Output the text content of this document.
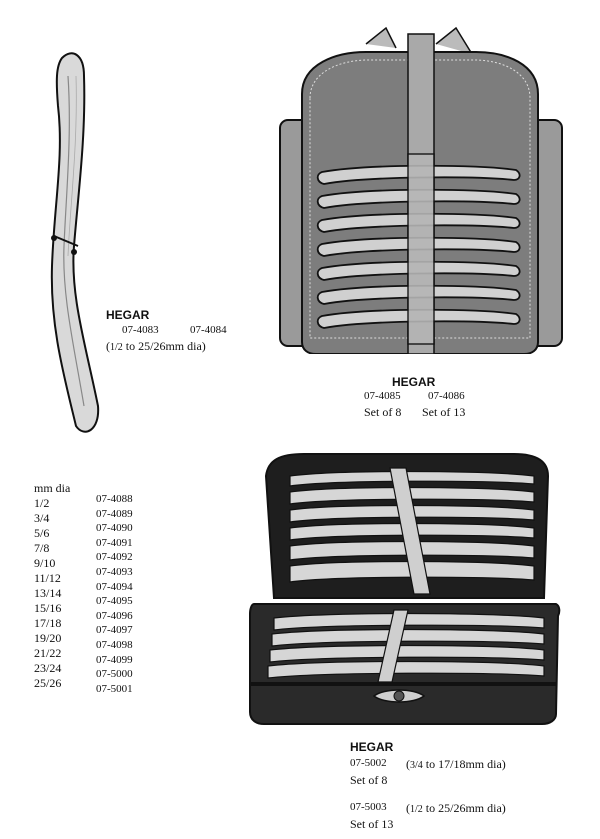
HEGAR
07-4083	07-4084
(1/2 to 25/26mm dia)
HEGAR
07-4085 07-4086
Set of 8 Set of 13
mm dia
1/2
3/4
5/6
7/8
9/10
11/12
13/14
15/16
17/18
19/20
21/22
23/24
25/26
07-4088
07-4089
07-4090
07-4091
07-4092
07-4093
07-4094
07-4095
07-4096
07-4097
07-4098
07-4099
07-5000
07-5001
HEGAR
07-5002 (3/4 to 17/18mm dia)
Set of 8
07-5003 (1/2 to 25/26mm dia)
Set of 13
